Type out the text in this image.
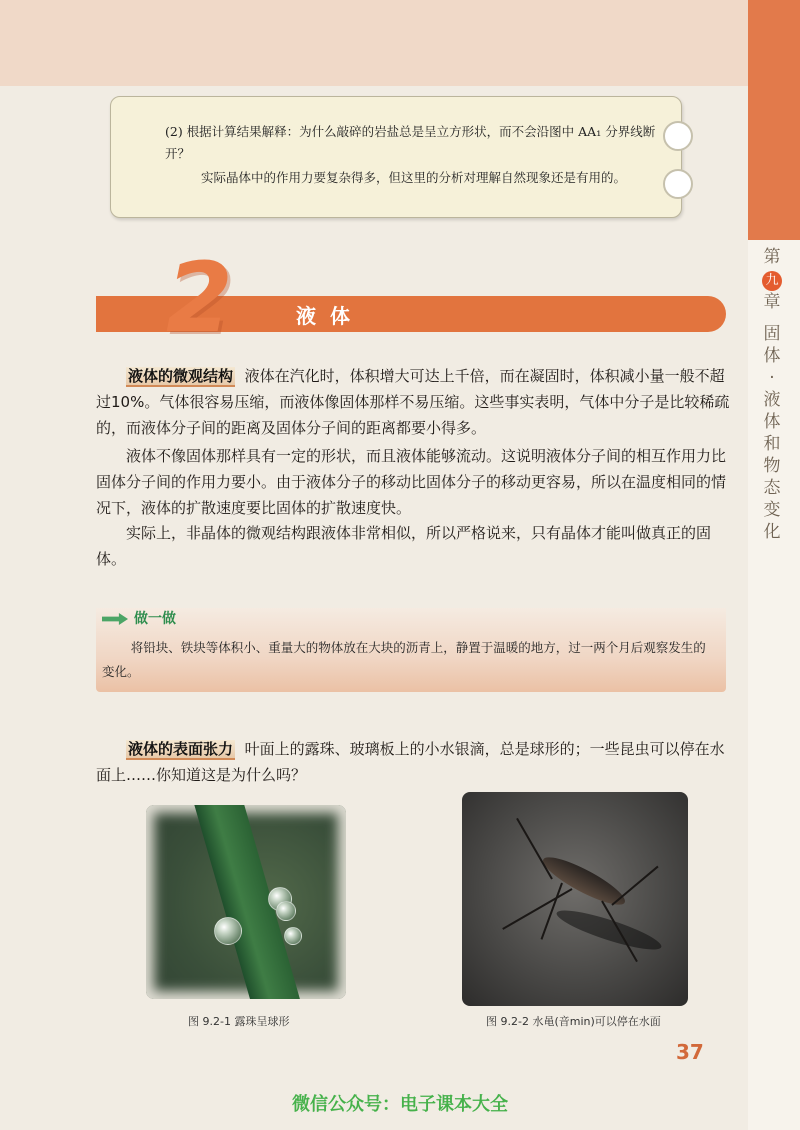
第
九
章
固体
·
液体和物态变化

(2) 根据计算结果解释：为什么敲碎的岩盐总是呈立方形状，而不会沿图中 AA₁ 分界线断开？

实际晶体中的作用力要复杂得多，但这里的分析对理解自然现象还是有用的。

2	液体

液体的微观结构 液体在汽化时，体积增大可达上千倍，而在凝固时，体积减小量一般不超过10%。气体很容易压缩，而液体像固体那样不易压缩。这些事实表明，气体中分子是比较稀疏的，而液体分子间的距离及固体分子间的距离都要小得多。

液体不像固体那样具有一定的形状，而且液体能够流动。这说明液体分子间的相互作用力比固体分子间的作用力要小。由于液体分子的移动比固体分子的移动更容易，所以在温度相同的情况下，液体的扩散速度要比固体的扩散速度快。

实际上，非晶体的微观结构跟液体非常相似，所以严格说来，只有晶体才能叫做真正的固体。

做一做
将铅块、铁块等体积小、重量大的物体放在大块的沥青上，静置于温暖的地方，过一两个月后观察发生的变化。

液体的表面张力 叶面上的露珠、玻璃板上的小水银滴，总是球形的；一些昆虫可以停在水面上……你知道这是为什么吗？

图 9.2-1 露珠呈球形	图 9.2-2 水黾(音min)可以停在水面
37
微信公众号：电子课本大全
